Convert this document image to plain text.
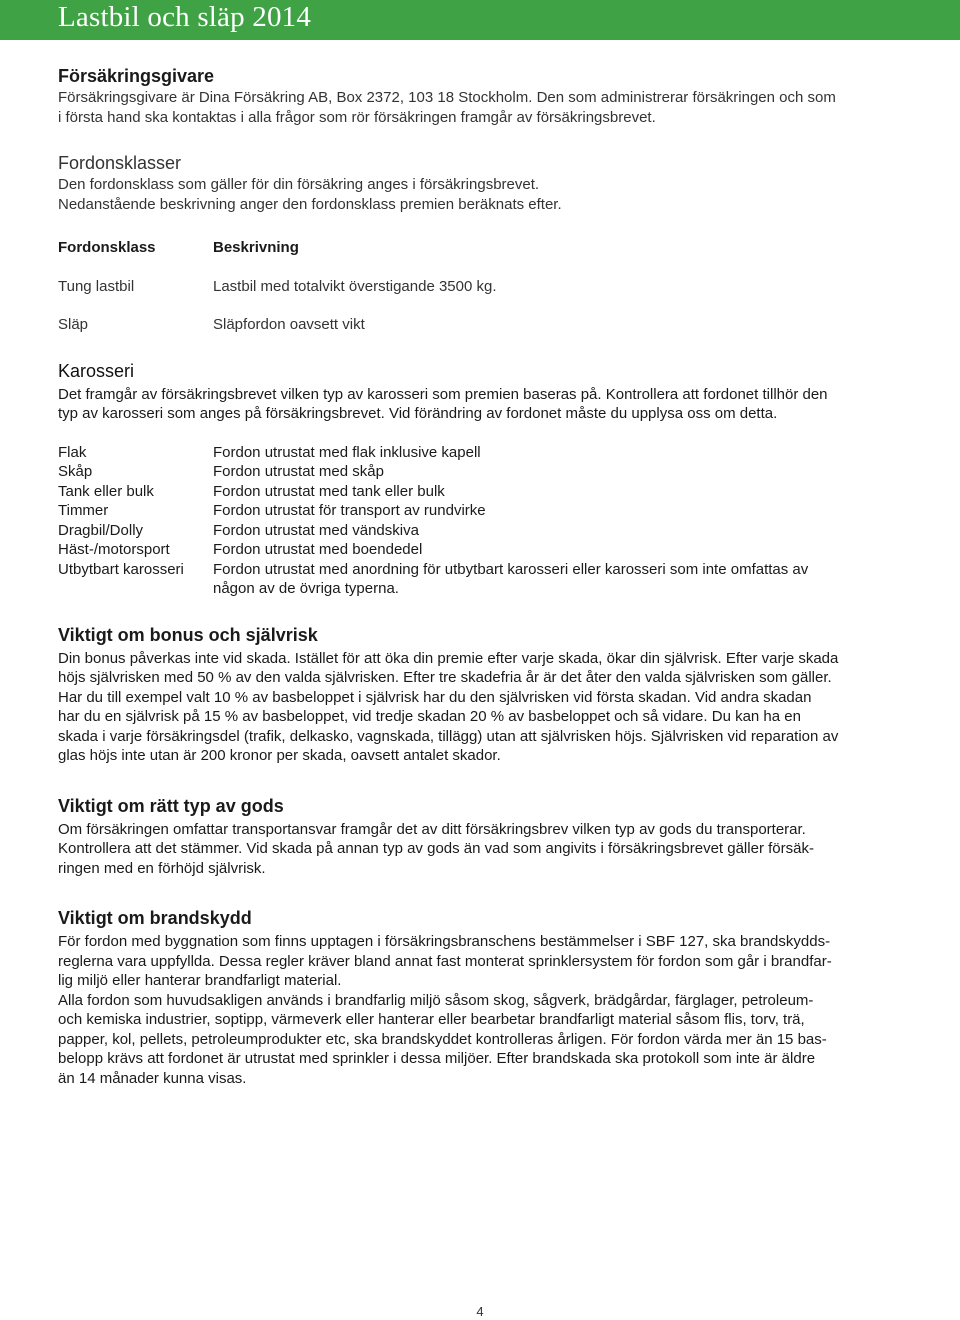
Lastbil och släp 2014
Försäkringsgivare

Försäkringsgivare är Dina Försäkring AB, Box 2372, 103 18 Stockholm. Den som administrerar försäkringen och som

i första hand ska kontaktas i alla frågor som rör försäkringen framgår av försäkringsbrevet.

Fordonsklasser

Den fordonsklass som gäller för din försäkring anges i försäkringsbrevet.

Nedanstående beskrivning anger den fordonsklass premien beräknats efter.

Fordonsklass	Beskrivning
Tung lastbil	Lastbil med totalvikt överstigande 3500 kg.
Släp	Släpfordon oavsett vikt
Karosseri

Det framgår av försäkringsbrevet vilken typ av karosseri som premien baseras på. Kontrollera att fordonet tillhör den

typ av karosseri som anges på försäkringsbrevet. Vid förändring av fordonet måste du upplysa oss om detta.

Flak	Fordon utrustat med flak inklusive kapell
Skåp	Fordon utrustat med skåp
Tank eller bulk	Fordon utrustat med tank eller bulk
Timmer	Fordon utrustat för transport av rundvirke
Dragbil/Dolly	Fordon utrustat med vändskiva
Häst-/motorsport	Fordon utrustat med boendedel
Utbytbart karosseri	Fordon utrustat med anordning för utbytbart karosseri eller karosseri som inte omfattas av
någon av de övriga typerna.
Viktigt om bonus och självrisk

Din bonus påverkas inte vid skada. Istället för att öka din premie efter varje skada, ökar din självrisk. Efter varje skada

höjs självrisken med 50 % av den valda självrisken. Efter tre skadefria år är det åter den valda självrisken som gäller.

Har du till exempel valt 10 % av basbeloppet i självrisk har du den självrisken vid första skadan. Vid andra skadan

har du en självrisk på 15 % av basbeloppet, vid tredje skadan 20 % av basbeloppet och så vidare. Du kan ha en

skada i varje försäkringsdel (trafik, delkasko, vagnskada, tillägg) utan att självrisken höjs. Självrisken vid reparation av

glas höjs inte utan är 200 kronor per skada, oavsett antalet skador.

Viktigt om rätt typ av gods

Om försäkringen omfattar transportansvar framgår det av ditt försäkringsbrev vilken typ av gods du transporterar.

Kontrollera att det stämmer. Vid skada på annan typ av gods än vad som angivits i försäkringsbrevet gäller försäk-

ringen med en förhöjd självrisk.

Viktigt om brandskydd

För fordon med byggnation som finns upptagen i försäkringsbranschens bestämmelser i SBF 127, ska brandskydds-

reglerna vara uppfyllda. Dessa regler kräver bland annat fast monterat sprinklersystem för fordon som går i brandfar-

lig miljö eller hanterar brandfarligt material.

Alla fordon som huvudsakligen används i brandfarlig miljö såsom skog, sågverk, brädgårdar, färglager, petroleum-

och kemiska industrier, soptipp, värmeverk eller hanterar eller bearbetar brandfarligt material såsom flis, torv, trä,

papper, kol, pellets, petroleumprodukter etc, ska brandskyddet kontrolleras årligen. För fordon värda mer än 15 bas-

belopp krävs att fordonet är utrustat med sprinkler i dessa miljöer. Efter brandskada ska protokoll som inte är äldre

än 14 månader kunna visas.

4
